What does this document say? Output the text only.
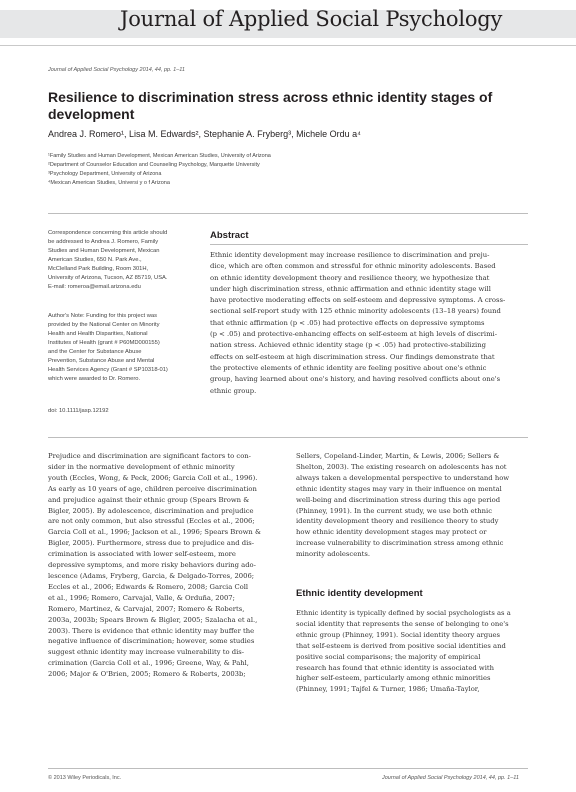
Journal of Applied Social Psychology
Journal of Applied Social Psychology 2014, 44, pp. 1–11
Resilience to discrimination stress across ethnic identity stages of development
Andrea J. Romero¹, Lisa M. Edwards², Stephanie A. Fryberg³, Michele Ordu a⁴
¹Family Studies and Human Development, Mexican American Studies, University of Arizona
²Department of Counselor Education and Counseling Psychology, Marquette University
³Psychology Department, University of Arizona
⁴Mexican American Studies, Universi y o f Arizona
Correspondence concerning this article should
be addressed to Andrea J. Romero, Family
Studies and Human Development, Mexican
American Studies, 650 N. Park Ave.,
McClelland Park Building, Room 301H,
University of Arizona, Tucson, AZ 85719, USA.
E-mail: romeroa@email.arizona.edu
Author's Note: Funding for this project was
provided by the National Center on Minority
Health and Health Disparities, National
Institutes of Health (grant # P60MD000155)
and the Center for Substance Abuse
Prevention, Substance Abuse and Mental
Health Services Agency (Grant # SP10318-01)
which were awarded to Dr. Romero.
doi: 10.1111/jasp.12192
Abstract
Ethnic identity development may increase resilience to discrimination and preju-
dice, which are often common and stressful for ethnic minority adolescents. Based
on ethnic identity development theory and resilience theory, we hypothesize that
under high discrimination stress, ethnic affirmation and ethnic identity stage will
have protective moderating effects on self-esteem and depressive symptoms. A cross-
sectional self-report study with 125 ethnic minority adolescents (13–18 years) found
that ethnic affirmation (p < .05) had protective effects on depressive symptoms
(p < .05) and protective-enhancing effects on self-esteem at high levels of discrimi-
nation stress. Achieved ethnic identity stage (p < .05) had protective-stabilizing
effects on self-esteem at high discrimination stress. Our findings demonstrate that
the protective elements of ethnic identity are feeling positive about one's ethnic
group, having learned about one's history, and having resolved conflicts about one's
ethnic group.
Prejudice and discrimination are significant factors to con-
sider in the normative development of ethnic minority
youth (Eccles, Wong, & Peck, 2006; Garcia Coll et al., 1996).
As early as 10 years of age, children perceive discrimination
and prejudice against their ethnic group (Spears Brown &
Bigler, 2005). By adolescence, discrimination and prejudice
are not only common, but also stressful (Eccles et al., 2006;
Garcia Coll et al., 1996; Jackson et al., 1996; Spears Brown &
Bigler, 2005). Furthermore, stress due to prejudice and dis-
crimination is associated with lower self-esteem, more
depressive symptoms, and more risky behaviors during ado-
lescence (Adams, Fryberg, Garcia, & Delgado-Torres, 2006;
Eccles et al., 2006; Edwards & Romero, 2008; Garcia Coll
et al., 1996; Romero, Carvajal, Valle, & Orduña, 2007;
Romero, Martinez, & Carvajal, 2007; Romero & Roberts,
2003a, 2003b; Spears Brown & Bigler, 2005; Szalacha et al.,
2003). There is evidence that ethnic identity may buffer the
negative influence of discrimination; however, some studies
suggest ethnic identity may increase vulnerability to dis-
crimination (Garcia Coll et al., 1996; Greene, Way, & Pahl,
2006; Major & O'Brien, 2005; Romero & Roberts, 2003b;
Sellers, Copeland-Linder, Martin, & Lewis, 2006; Sellers &
Shelton, 2003). The existing research on adolescents has not
always taken a developmental perspective to understand how
ethnic identity stages may vary in their influence on mental
well-being and discrimination stress during this age period
(Phinney, 1991). In the current study, we use both ethnic
identity development theory and resilience theory to study
how ethnic identity development stages may protect or
increase vulnerability to discrimination stress among ethnic
minority adolescents.
Ethnic identity development
Ethnic identity is typically defined by social psychologists as a
social identity that represents the sense of belonging to one's
ethnic group (Phinney, 1991). Social identity theory argues
that self-esteem is derived from positive social identities and
positive social comparisons; the majority of empirical
research has found that ethnic identity is associated with
higher self-esteem, particularly among ethnic minorities
(Phinney, 1991; Tajfel & Turner, 1986; Umaña-Taylor,
© 2013 Wiley Periodicals, Inc.	Journal of Applied Social Psychology 2014, 44, pp. 1–11
